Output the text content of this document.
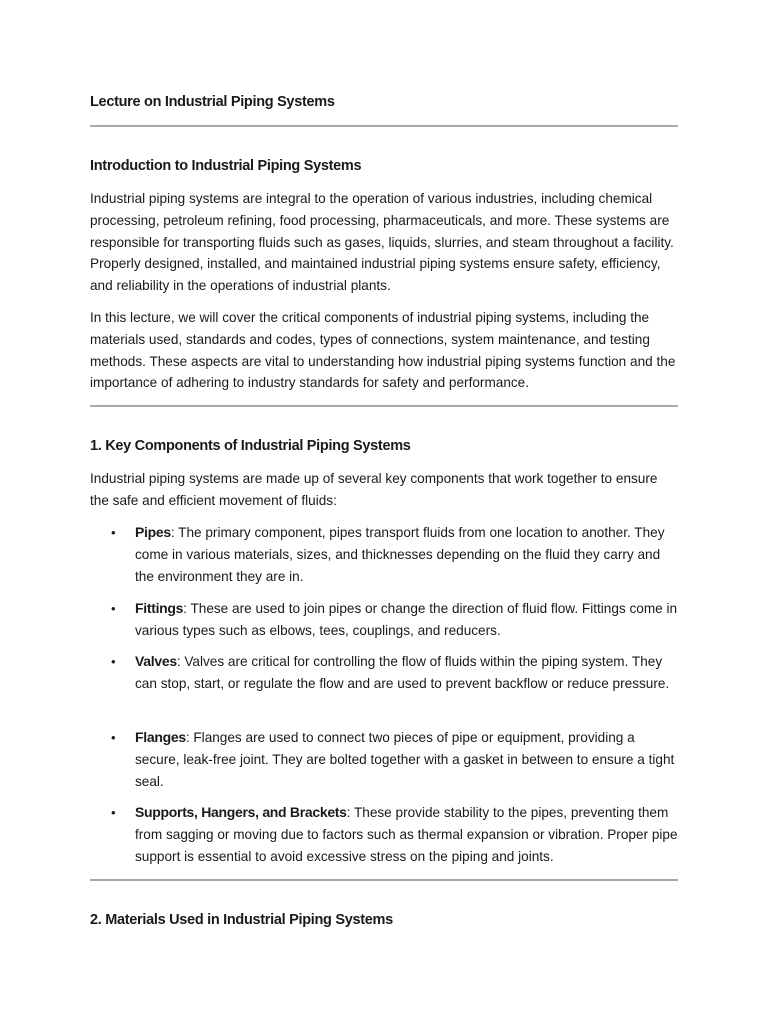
Lecture on Industrial Piping Systems
Introduction to Industrial Piping Systems

Industrial piping systems are integral to the operation of various industries, including chemical processing, petroleum refining, food processing, pharmaceuticals, and more. These systems are responsible for transporting fluids such as gases, liquids, slurries, and steam throughout a facility. Properly designed, installed, and maintained industrial piping systems ensure safety, efficiency, and reliability in the operations of industrial plants.

In this lecture, we will cover the critical components of industrial piping systems, including the materials used, standards and codes, types of connections, system maintenance, and testing methods. These aspects are vital to understanding how industrial piping systems function and the importance of adhering to industry standards for safety and performance.

1. Key Components of Industrial Piping Systems

Industrial piping systems are made up of several key components that work together to ensure the safe and efficient movement of fluids:

• Pipes: The primary component, pipes transport fluids from one location to another. They come in various materials, sizes, and thicknesses depending on the fluid they carry and the environment they are in.
• Fittings: These are used to join pipes or change the direction of fluid flow. Fittings come in various types such as elbows, tees, couplings, and reducers.
• Valves: Valves are critical for controlling the flow of fluids within the piping system. They can stop, start, or regulate the flow and are used to prevent backflow or reduce pressure.
• Flanges: Flanges are used to connect two pieces of pipe or equipment, providing a secure, leak-free joint. They are bolted together with a gasket in between to ensure a tight seal.
• Supports, Hangers, and Brackets: These provide stability to the pipes, preventing them from sagging or moving due to factors such as thermal expansion or vibration. Proper pipe support is essential to avoid excessive stress on the piping and joints.
2. Materials Used in Industrial Piping Systems
